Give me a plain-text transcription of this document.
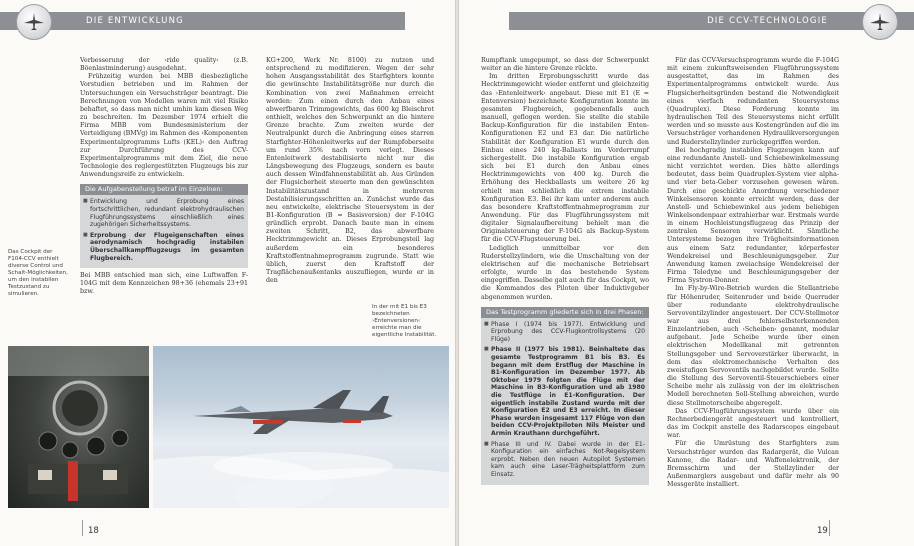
DIE ENTWICKLUNG

Verbesserung der ›ride quality‹ (z.B. Böenlastminderung) ausgedehnt.

Frühzeitig wurden bei MBB diesbezügliche Vorstudien betrieben und im Rahmen der Untersuchungen ein Versuchsträger beantragt. Die Berechnungen von Modellen waren mit viel Risiko behaftet, so dass man nicht umhin kam diesen Weg zu beschreiten. Im Dezember 1974 erhielt die Firma MBB vom Bundesministerium der Verteidigung (BMVg) im Rahmen des ›Komponenten Experimentalprogramms Lufts (KEL)‹ den Auftrag zur Durchführung des CCV-Experimentalprogramms mit dem Ziel, die neue Technologie des reglergestützten Flugzeugs bis zur Anwendungsreife zu entwickeln.

Die Aufgabenstellung betraf im Einzelnen:
■ Entwicklung und Erprobung eines fortschrittlichen, redundant elektrohydraulischen Flugführungssystems einschließlich eines zugehörigen Sicherheitssystems.
■ Erprobung der Flugeigenschaften eines aerodynamisch hochgradig instabilen Überschallkampfflugzeugs im gesamten Flugbereich.

Bei MBB entschied man sich, eine Luftwaffen F-104G mit dem Kennzeichen 98+36 (ehemals 23+91 bzw.

KG+200, Werk Nr. 8100) zu nutzen und entsprechend zu modifizieren. Wegen der sehr hohen Ausgangsstabilität des Starfighters konnte die gewünschte Instabilitätsgröße nur durch die Kombination von zwei Maßnahmen erreicht werden: Zum einen durch den Anbau eines abwerfbaren Trimmgewichts, das 600 kg Bleischrot enthielt, welches den Schwerpunkt an die hintere Grenze brachte. Zum zweiten wurde der Neutralpunkt durch die Anbringung eines starren Starfighter-Höhenleitwerks auf der Rumpfoberseite um rund 35% nach vorn verlegt. Dieses Entenleitwerk destabilisierte nicht nur die Längsbewegung des Flugzeugs, sondern es baute auch dessen Windfahnenstabilität ab. Aus Gründen der Flugsicherheit steuerte man den gewünschten Instabilitätszustand in mehreren Destabilisierungsschritten an. Zunächst wurde das neu entwickelte, elektrische Steuersystem in der B1-Konfiguration (B = Basisversion) der F-104G gründlich erprobt. Danach baute man in einem zweiten Schritt, B2, das abwerfbare Hecktrimmgewicht an. Dieses Erprobungsteil lag außerdem ein besonderes Kraftstoffentnahmeprogramm zugrunde. Statt wie üblich, zuerst den Kraftstoff der Tragflächenaußentanks auszufliegen, wurde er in den

Das Cockpit der F104-CCV enthielt diverse Control und Schalt-Möglichkeiten, um den instabilen Testzustand zu simulieren.
In der mit E1 bis E3 bezeichneten ›Entenversionen‹ erreichte man die eigentliche Instabilität.
18
DIE CCV-TECHNOLOGIE

Rumpftank umgepumpt, so dass der Schwerpunkt weiter an die hintere Grenze rückte.

Im dritten Erprobungsschritt wurde das Hecktrimmgewicht wieder entfernt und gleichzeitig das ›Entenleitwerk‹ angebaut. Diese mit E1 (E = Entenversion) bezeichnete Konfiguration konnte im gesamten Flugbereich, gegebenenfalls auch manuell, geflogen werden. Sie stellte die stabile Backup-Konfiguration für die instabilen Enten-Konfigurationen E2 und E3 dar. Die natürliche Stabilität der Konfiguration E1 wurde durch den Einbau eines 240 kg-Ballasts im Vorderrumpf sichergestellt. Die instabile Konfiguration ergab sich bei E1 durch den Anbau eines Hecktrimmgewichts von 400 kg. Durch die Erhöhung des Heckballasts um weitere 26 kg erhielt man schließlich die extrem instabile Konfiguration E3. Bei ihr kam unter anderem auch das besondere Kraftstoffentnahmeprogramm zur Anwendung. Für das Flugführungssystem mit digitaler Signalaufbereitung behielt man die Originalsteuerung der F-104G als Backup-System für die CCV-Flugsteuerung bei.

Lediglich unmittelbar vor den Ruderstellzylindern, wie die Umschaltung von der elektrischen auf die mechanische Betriebsart erfolgte, wurde in das bestehende System eingegriffen. Dasselbe galt auch für das Cockpit, wo die Kommandos des Piloten über Induktivgeber abgenommen wurden.

Das Testprogramm gliederte sich in drei Phasen:
■ Phase I (1974 bis 1977). Entwicklung und Erprobung des CCV-Flugkontrollsystems (20 Flüge)
■ Phase II (1977 bis 1981). Beinhaltete das gesamte Testprogramm B1 bis B3. Es begann mit dem Erstflug der Maschine in B1-Konfiguration im Dezember 1977. Ab Oktober 1979 folgten die Flüge mit der Maschine in B3-Konfiguration und ab 1980 die Testflüge in E1-Konfiguration. Der eigentlich instabile Zustand wurde mit der Konfiguration E2 und E3 erreicht. In dieser Phase wurden insgesamt 117 Flüge von den beiden CCV-Projektpiloten Nils Meister und Armin Krauthann durchgeführt.
■ Phase III und IV. Dabei wurde in der E1-Konfiguration ein einfaches Not-Regelsystem erprobt. Neben den neuen Autopilot Systemen kam auch eine Laser-Trägheitsplattform zum Einsatz.

Für das CCV-Versuchsprogramm wurde die F-104G mit einem zukunftsweisenden Flugführungssystem ausgestattet, das im Rahmen des Experimentalprogramms entwickelt wurde. Aus Flugsicherheitsgründen bestand die Notwendigkeit eines vierfach redundanten Steuersystems (Quadruplex). Diese Forderung konnte im hydraulischen Teil des Steuersystems nicht erfüllt werden und so musste aus Kostengründen auf die im Versuchsträger vorhandenen Hydraulikversorgungen und Ruderstellzylinder zurückgegriffen werden.

Bei hochgradig instabilen Flugzeugen kann auf eine redundante Anstell- und Schiebewinkelmessung nicht verzichtet werden. Dies hätte allerdings bedeutet, dass beim Quadruplex-System vier alpha- und vier beta-Geber vorzusehen gewesen wären. Durch eine geschickte Anordnung verschiedener Winkelsensoren konnte erreicht werden, dass der Anstell- und Schiebewinkel aus jedem beliebigen Winkelsondenpaar extrahierbar war. Erstmals wurde in einem Hochleistungsflugzeug das Prinzip der zentralen Sensoren verwirklicht. Sämtliche Untersysteme bezogen ihre Trägheitsinformationen aus einem Satz redundanter, körperfester Wendekreisel und Beschleunigungsgeber. Zur Anwendung kamen zweiachsige Wendekreisel der Firma Teledyne und Beschleunigungsgeber der Firma Systron-Donner.

Im Fly-by-Wire-Betrieb wurden die Stellantriebe für Höhenruder, Seitenruder und beide Querruder über redundante elektrohydraulische Servoventilzylinder angesteuert. Der CCV-Stellmotor war aus drei fehlerselbsterkennenden Einzelantrieben, auch ›Scheiben‹ genannt, modular aufgebaut. Jede Scheibe wurde über einen elektrischen Modellkanal mit getrennten Stellungsgeber und Servoverstärker überwacht, in dem das elektromechanische Verhalten des zweistufigen Servoventils nachgebildet wurde. Sollte die Stellung des Servoventil-Steuerschiebers einer Scheibe mehr als zulässig von der im elektrischen Modell berechneten Soll-Stellung abweichen, wurde diese Stellmotorscheibe abgeregelt.

Das CCV-Flugführungssystem wurde über ein Rechnerbediengerät angesteuert und kontrolliert, das im Cockpit anstelle des Radarscopes eingebaut war.

Für die Umrüstung des Starfighters zum Versuchsträger wurden das Radargerät, die Vulcan Kanone, die Radar- und Waffenelektronik, der Bremsschirm und der Stellzylinder der Außenmarglers ausgebaut und dafür mehr als 90 Messgeräte installiert.

19
